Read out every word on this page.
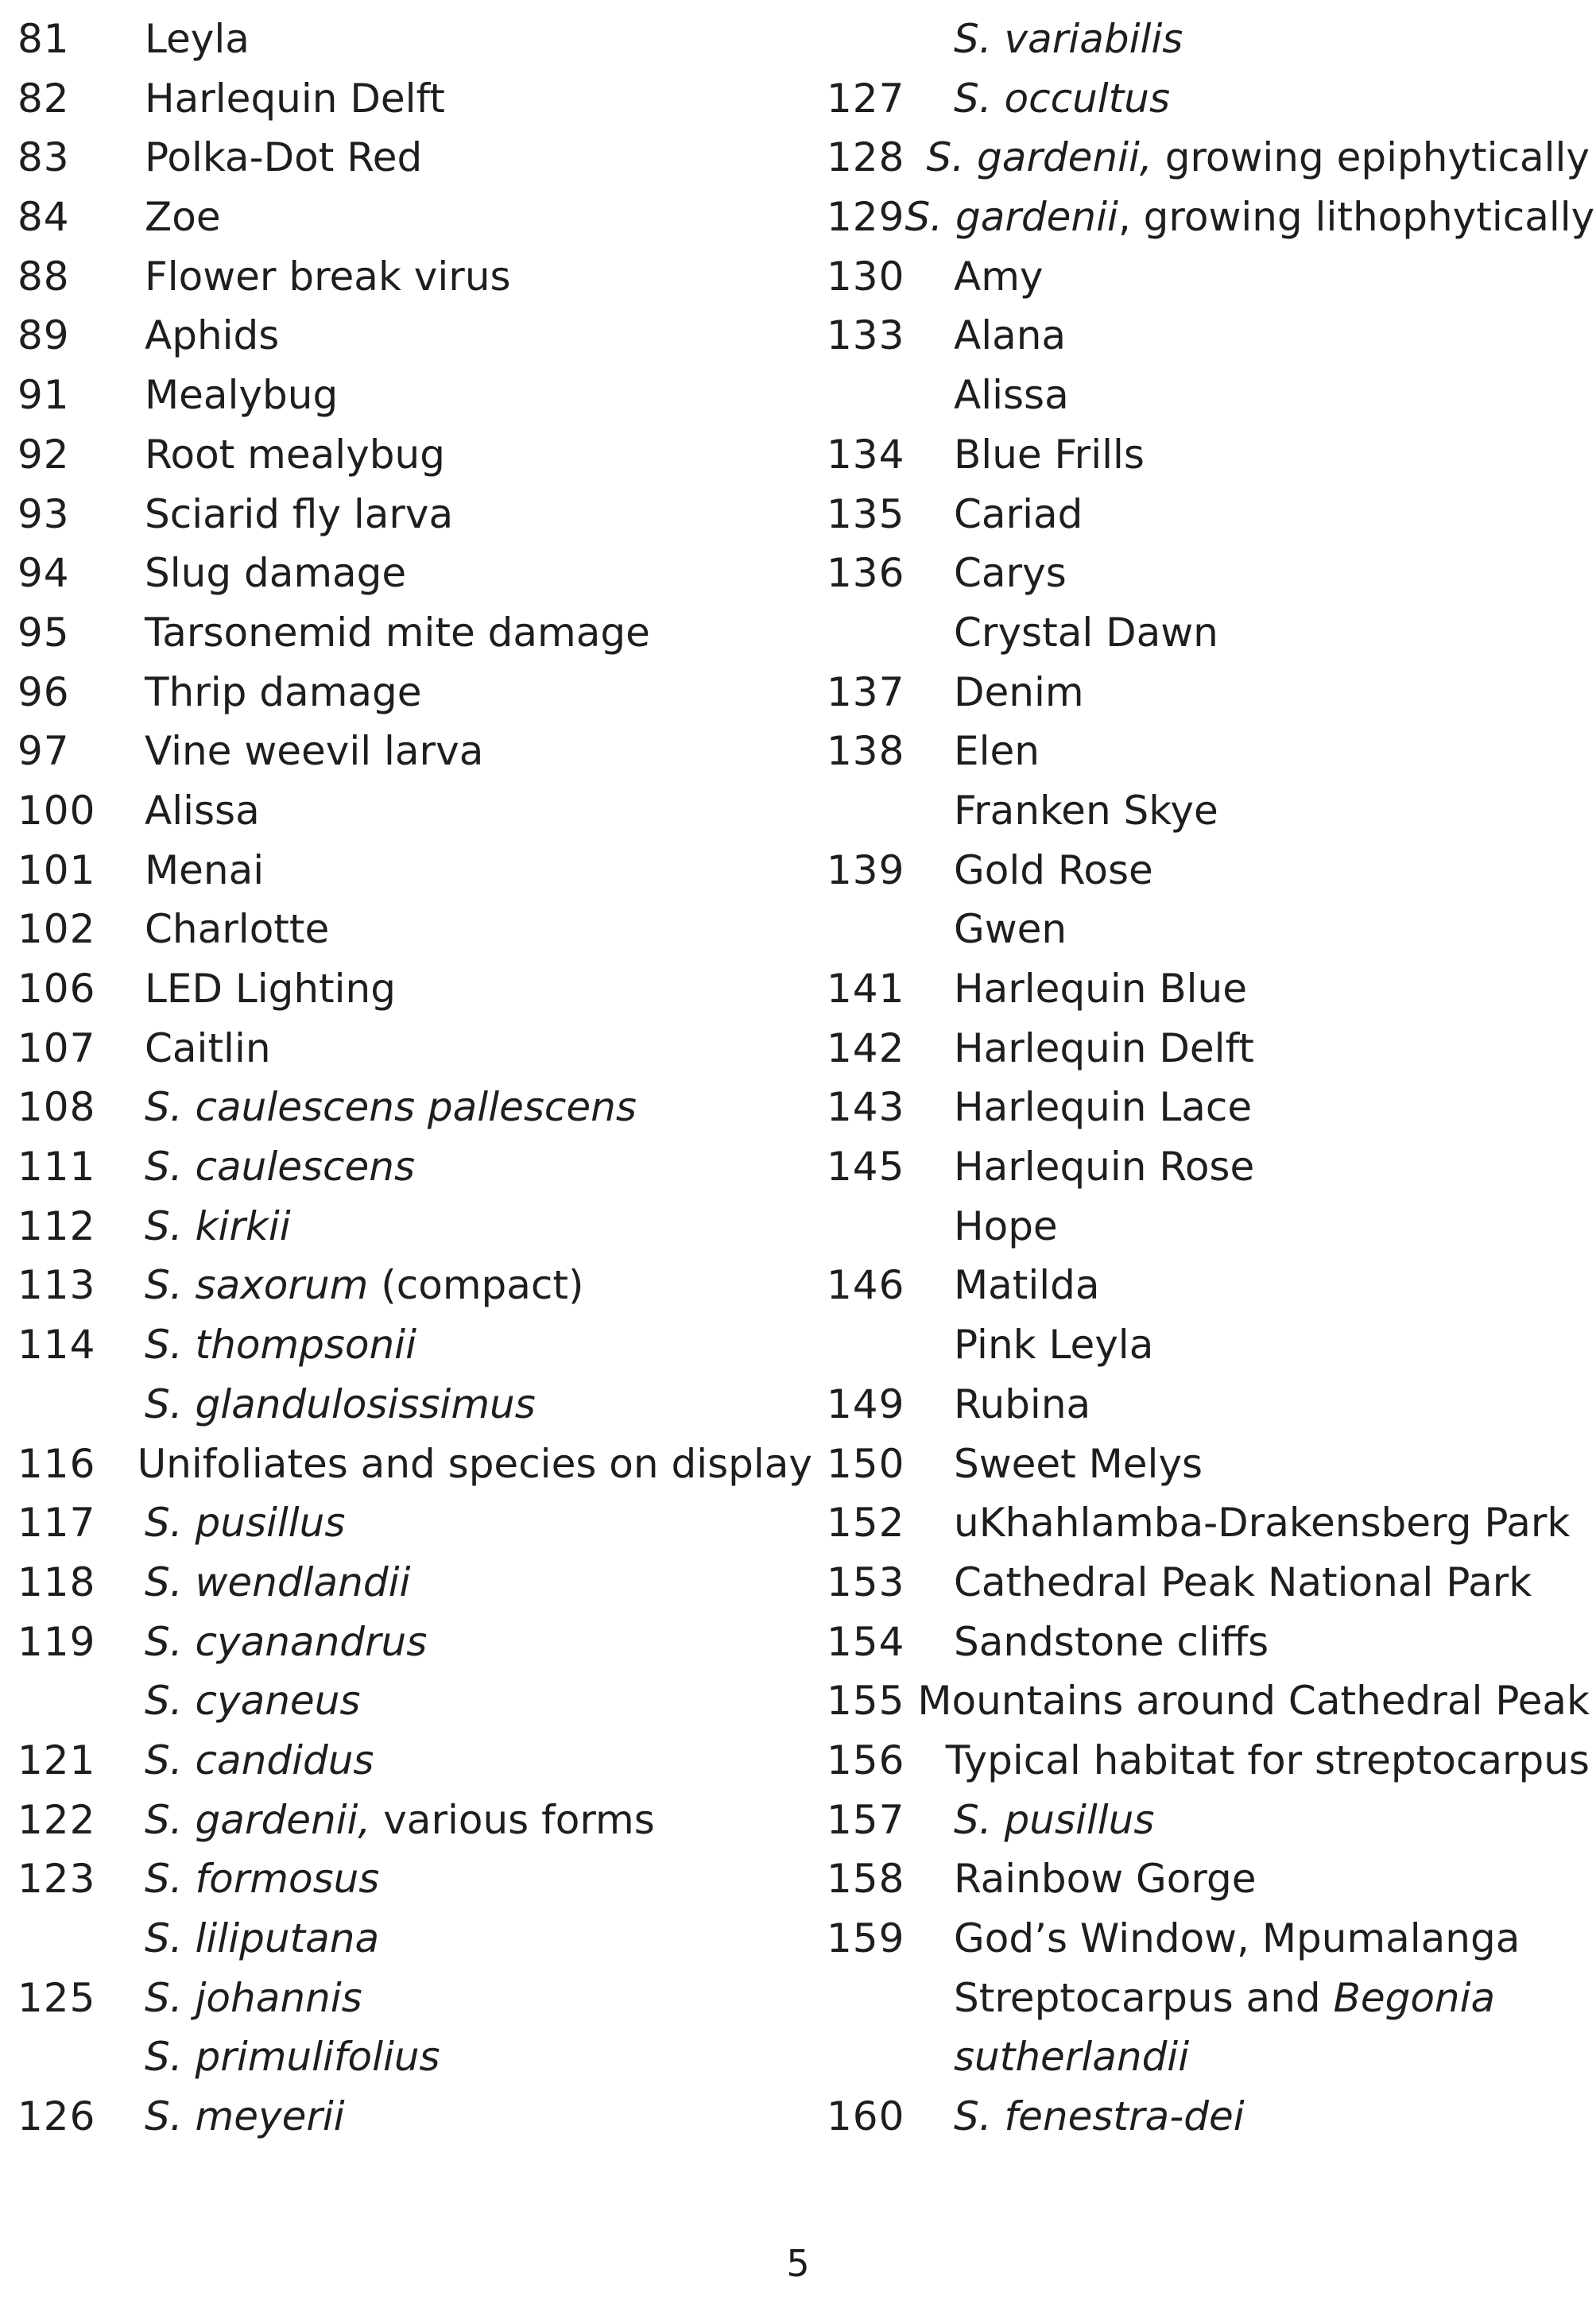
81	Leyla
82	Harlequin Delft
83	Polka-Dot Red
84	Zoe
88	Flower break virus
89	Aphids
91	Mealybug
92	Root mealybug
93	Sciarid fly larva
94	Slug damage
95	Tarsonemid mite damage
96	Thrip damage
97	Vine weevil larva
100	Alissa
101	Menai
102	Charlotte
106	LED Lighting
107	Caitlin
108	S. caulescens pallescens
111	S. caulescens
112	S. kirkii
113	S. saxorum (compact)
114	S. thompsonii
S. glandulosissimus
116	Unifoliates and species on display
117	S. pusillus
118	S. wendlandii
119	S. cyanandrus
S. cyaneus
121	S. candidus
122	S. gardenii, various forms
123	S. formosus
S. liliputana
125	S. johannis
S. primulifolius
126	S. meyerii
S. variabilis
127	S. occultus
128 S. gardenii, growing epiphytically
129 S. gardenii, growing lithophytically
130	Amy
133	Alana
Alissa
134	Blue Frills
135	Cariad
136	Carys
Crystal Dawn
137	Denim
138	Elen
Franken Skye
139	Gold Rose
Gwen
141	Harlequin Blue
142	Harlequin Delft
143	Harlequin Lace
145	Harlequin Rose
Hope
146	Matilda
Pink Leyla
149	Rubina
150	Sweet Melys
152	uKhahlamba-Drakensberg Park
153	Cathedral Peak National Park
154	Sandstone cliffs
155 Mountains around Cathedral Peak
156	Typical habitat for streptocarpus
157	S. pusillus
158	Rainbow Gorge
159	God’s Window, Mpumalanga
Streptocarpus and Begonia
sutherlandii
160	S. fenestra-dei
5
